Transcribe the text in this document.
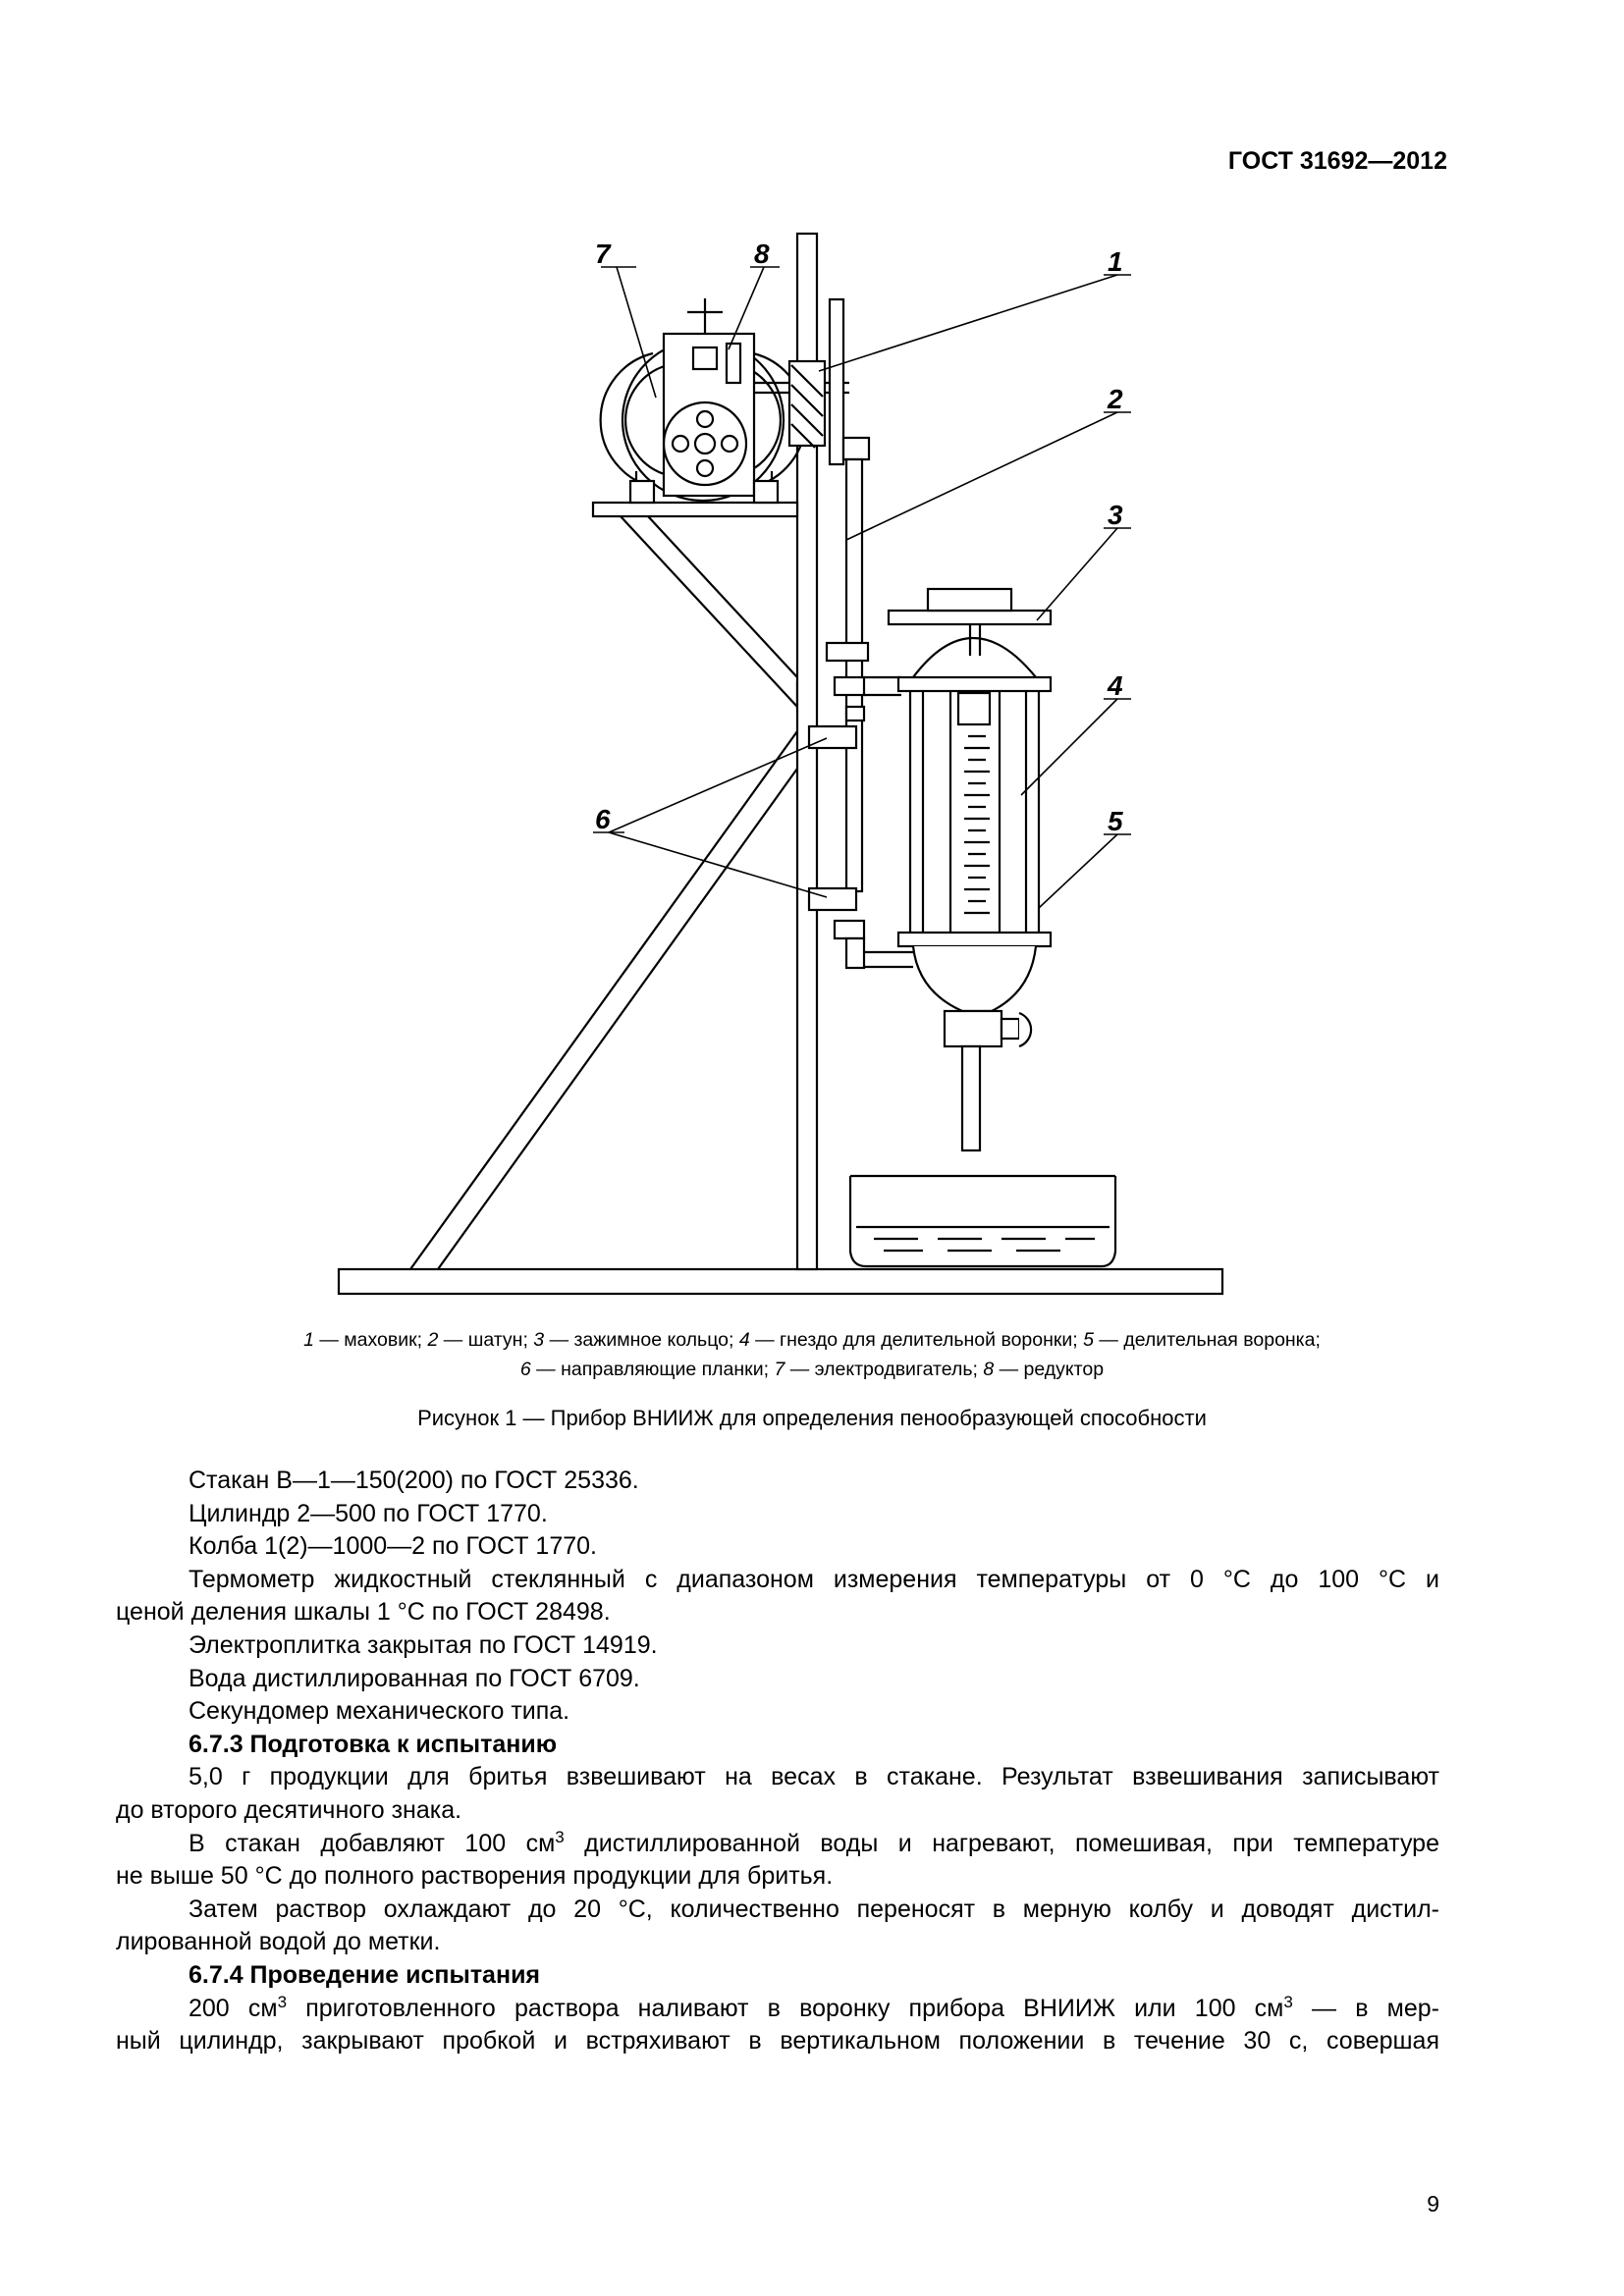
ГОСТ 31692—2012
7	8	1
2
3
4
5
6
1 — маховик; 2 — шатун; 3 — зажимное кольцо; 4 — гнездо для делительной воронки; 5 — делительная воронка;
6 — направляющие планки; 7 — электродвигатель; 8 — редуктор
Рисунок 1 — Прибор ВНИИЖ для определения пенообразующей способности

Стакан В—1—150(200) по ГОСТ 25336.

Цилиндр 2—500 по ГОСТ 1770.

Колба 1(2)—1000—2 по ГОСТ 1770.

Термометр жидкостный стеклянный с диапазоном измерения температуры от 0 °С до 100 °С и

ценой деления шкалы 1 °С по ГОСТ 28498.

Электроплитка закрытая по ГОСТ 14919.

Вода дистиллированная по ГОСТ 6709.

Секундомер механического типа.

6.7.3 Подготовка к испытанию

5,0 г продукции для бритья взвешивают на весах в стакане. Результат взвешивания записывают

до второго десятичного знака.

В стакан добавляют 100 $см^3$ дистиллированной воды и нагревают, помешивая, при температуре

не выше 50 °С до полного растворения продукции для бритья.

Затем раствор охлаждают до 20 °С, количественно переносят в мерную колбу и доводят дистил-

лированной водой до метки.

6.7.4 Проведение испытания

200 $см^3$ приготовленного раствора наливают в воронку прибора ВНИИЖ или 100 $см^3$ — в мер-

ный цилиндр, закрывают пробкой и встряхивают в вертикальном положении в течение 30 с, совершая

9
